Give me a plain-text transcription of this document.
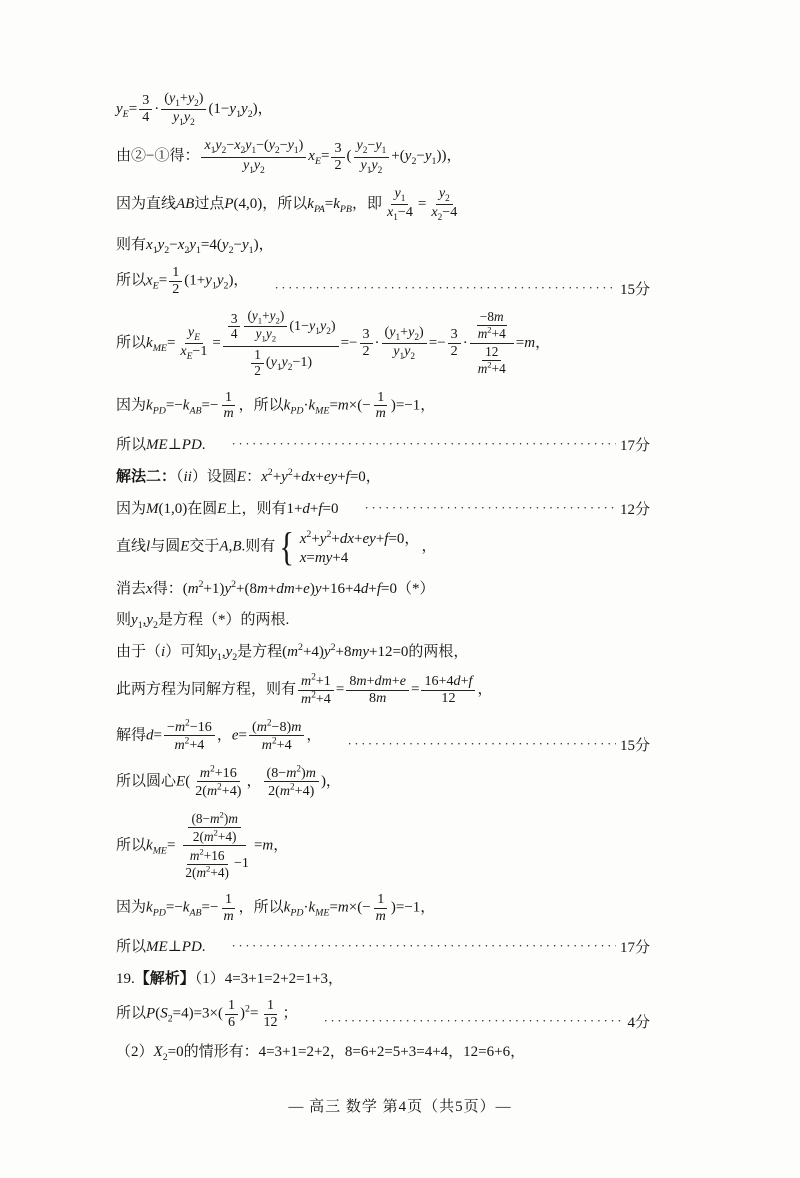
$y_E= \frac{3}{4} \cdot \frac{(y_1+y_2)}{y_1y_2} (1-y_1y_2)$，
由②−①得： $\frac{x_1y_2-x_2y_1-(y_2-y_1)}{y_1y_2} x_E= \frac{3}{2}$ ( $\frac{y_2-y_1}{y_1y_2} +(y_2-y_1)$)，
因为直线AB过点P(4,0)，所以$k_{PA}=k_{PB}$，即 $\frac{y_1}{x_1-4} = \frac{y_2}{x_2-4}$
则有$x_1y_2-x_2y_1=4(y_2-y_1)$，
所以$x_E= \frac{1}{2} (1+y_1y_2)$，
·····
15分
所以$k_{ME}= \frac{y_E}{x_E-1} = \frac{\frac{3}{4} \frac{(y_1+y_2)}{y_1y_2} (1-y_1y_2)}{\frac{1}{2} (y_1y_2-1)} =- \frac{3}{2} \cdot \frac{(y_1+y_2)}{y_1y_2} =- \frac{3}{2} \cdot \frac{\frac{-8m}{m^2+4}}{\frac{12}{m^2+4}} =m$，
因为$k_{PD}=-k_{AB}=- \frac{1}{m}$ ，所以$k_{PD}\cdot k_{ME}=m\times(- \frac{1}{m} )=-1$，
所以ME⊥PD. ·····	17分
解法二：（ii）设圆E：$x^2+y^2+dx+ey+f=0$，
因为M(1,0)在圆E上，则有1+d+f=0 ·····	12分
直线l与圆E交于A,B.则有 { $x^2+y^2+dx+ey+f=0$，
x=my+4
，
消去x得：$(m^2+1)y^2+(8m+dm+e)y+16+4d+f=0(*)$
则$y_1,y_2$是方程（*）的两根.
由于（i）可知$y_1,y_2$是方程$(m^2+4)y^2+8my+12=0$的两根，
此两方程为同解方程，则有 $\frac{m^2+1}{m^2+4} = \frac{8m+dm+e}{8m} = \frac{16+4d+f}{12}$ ，
解得$d= \frac{-m^2-16}{m^2+4}$ ，$e= \frac{(m^2-8)m}{m^2+4}$ ，
·····
15分
所以圆心$E( \frac{m^2+16}{2(m^2+4)}$ ， $\frac{(8-m^2)m}{2(m^2+4)}$ )，
所以$k_{ME}= \frac{\frac{(8-m^2)m}{2(m^2+4)}}{\frac{m^2+16}{2(m^2+4)} -1} =m$，
因为$k_{PD}=-k_{AB}=- \frac{1}{m}$ ，所以$k_{PD}\cdot k_{ME}=m\times(- \frac{1}{m} )=-1$，
所以ME⊥PD. ·····	17分
19.【解析】（1）4=3+1=2+2=1+3，
所以$P(S_2=4)=3\times( \frac{1}{6} )^2= \frac{1}{12}$ ；
·····
4分
$(2)X_2=0$的情形有：4=3+1=2+2，8=6+2=5+3=4+4，12=6+6，
— 高三 数学 第4页（共5页）—
